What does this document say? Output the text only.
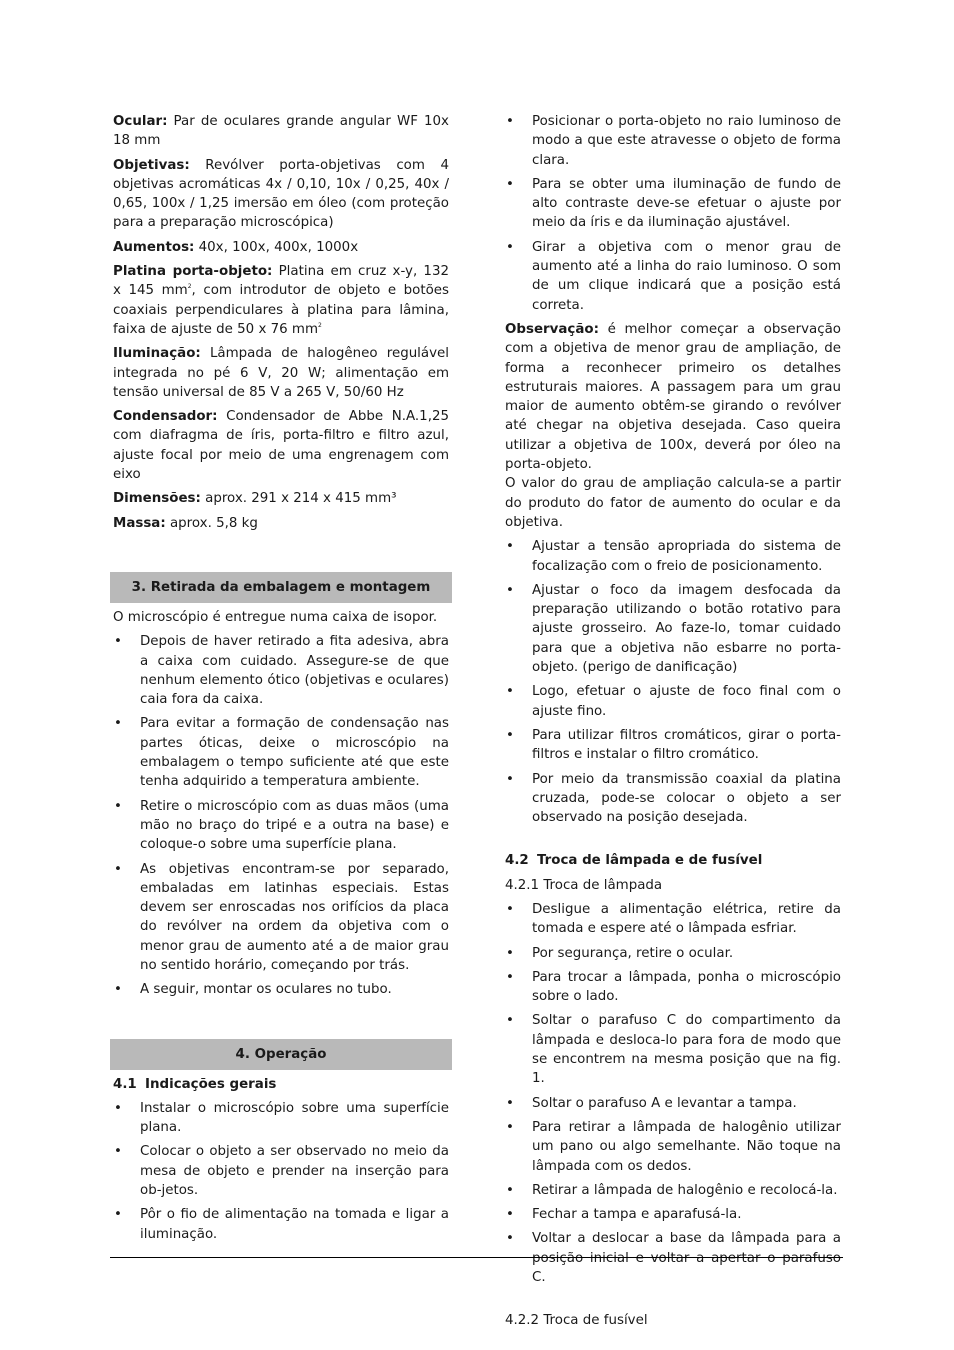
Ocular: Par de oculares grande angular WF 10x 18 mm

Objetivas: Revólver porta-objetivas com 4 objetivas acromáticas 4x / 0,10, 10x / 0,25, 40x / 0,65, 100x / 1,25 imersão em óleo (com proteção para a preparação microscópica)

Aumentos: 40x, 100x, 400x, 1000x

Platina porta-objeto: Platina em cruz x-y, 132 x 145 $mm^2$, com introdutor de objeto e botões coaxiais perpendiculares à platina para lâmina, faixa de ajuste de 50 x 76 $mm^2$

Iluminação: Lâmpada de halogêneo regulável integrada no pé 6 V, 20 W; alimentação em tensão universal de 85 V a 265 V, 50/60 Hz

Condensador: Condensador de Abbe N.A.1,25 com diafragma de íris, porta-filtro e filtro azul, ajuste focal por meio de uma engrenagem com eixo

Dimensões: aprox. 291 x 214 x 415 mm³

Massa: aprox. 5,8 kg

3. Retirada da embalagem e montagem

O microscópio é entregue numa caixa de isopor.

• Depois de haver retirado a fita adesiva, abra a caixa com cuidado. Assegure-se de que nenhum elemento ótico (objetivas e oculares) caia fora da caixa.
• Para evitar a formação de condensação nas partes óticas, deixe o microscópio na embalagem o tempo suficiente até que este tenha adquirido a temperatura ambiente.
• Retire o microscópio com as duas mãos (uma mão no braço do tripé e a outra na base) e coloque-o sobre uma superfície plana.
• As objetivas encontram-se por separado, embaladas em latinhas especiais. Estas devem ser enroscadas nos orifícios da placa do revólver na ordem da objetiva com o menor grau de aumento até a de maior grau no sentido horário, começando por trás.
• A seguir, montar os oculares no tubo.
4. Operação
4.1 Indicações gerais
• Instalar o microscópio sobre uma superfície plana.
• Colocar o objeto a ser observado no meio da mesa de objeto e prender na inserção para ob-jetos.
• Pôr o fio de alimentação na tomada e ligar a iluminação.
• Posicionar o porta-objeto no raio luminoso de modo a que este atravesse o objeto de forma clara.
• Para se obter uma iluminação de fundo de alto contraste deve-se efetuar o ajuste por meio da íris e da iluminação ajustável.
• Girar a objetiva com o menor grau de aumento até a linha do raio luminoso. O som de um clique indicará que a posição está correta.

Observação: é melhor começar a observação com a objetiva de menor grau de ampliação, de forma a reconhecer primeiro os detalhes estruturais maiores. A passagem para um grau maior de aumento obtêm-se girando o revólver até chegar na objetiva desejada. Caso queira utilizar a objetiva de 100x, deverá por óleo na porta-objeto.

O valor do grau de ampliação calcula-se a partir do produto do fator de aumento do ocular e da objetiva.

• Ajustar a tensão apropriada do sistema de focalização com o freio de posicionamento.
• Ajustar o foco da imagem desfocada da preparação utilizando o botão rotativo para ajuste grosseiro. Ao faze-lo, tomar cuidado para que a objetiva não esbarre no porta-objeto. (perigo de danificação)
• Logo, efetuar o ajuste de foco final com o ajuste fino.
• Para utilizar filtros cromáticos, girar o porta-filtros e instalar o filtro cromático.
• Por meio da transmissão coaxial da platina cruzada, pode-se colocar o objeto a ser observado na posição desejada.
4.2 Troca de lâmpada e de fusível

4.2.1 Troca de lâmpada

• Desligue a alimentação elétrica, retire da tomada e espere até o lâmpada esfriar.
• Por segurança, retire o ocular.
• Para trocar a lâmpada, ponha o microscópio sobre o lado.
• Soltar o parafuso C do compartimento da lâmpada e desloca-lo para fora de modo que se encontrem na mesma posição que na fig. 1.
• Soltar o parafuso A e levantar a tampa.
• Para retirar a lâmpada de halogênio utilizar um pano ou algo semelhante. Não toque na lâmpada com os dedos.
• Retirar a lâmpada de halogênio e recolocá-la.
• Fechar a tampa e aparafusá-la.
• Voltar a deslocar a base da lâmpada para a posição inicial e voltar a apertar o parafuso C.

4.2.2 Troca de fusível
